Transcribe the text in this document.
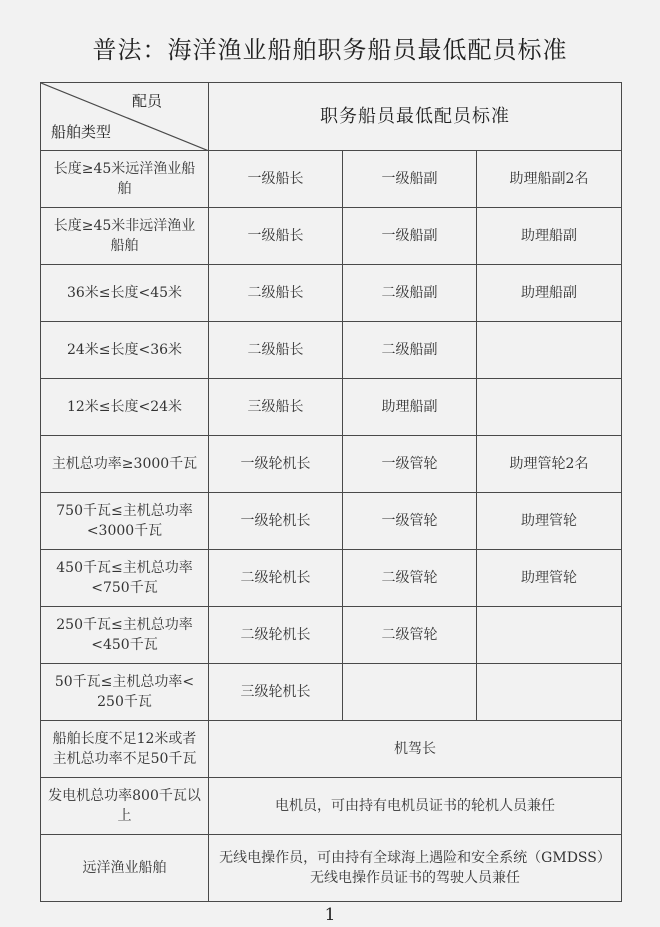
普法：海洋渔业船舶职务船员最低配员标准
配员
船舶类型	职务船员最低配员标准		
长度≥45米远洋渔业船舶	一级船长	一级船副	助理船副2名
长度≥45米非远洋渔业船舶	一级船长	一级船副	助理船副
36米≤长度<45米	二级船长	二级船副	助理船副
24米≤长度<36米	二级船长	二级船副	
12米≤长度<24米	三级船长	助理船副	
主机总功率≥3000千瓦	一级轮机长	一级管轮	助理管轮2名
750千瓦≤主机总功率<3000千瓦	一级轮机长	一级管轮	助理管轮
450千瓦≤主机总功率<750千瓦	二级轮机长	二级管轮	助理管轮
250千瓦≤主机总功率<450千瓦	二级轮机长	二级管轮	
50千瓦≤主机总功率< 250千瓦	三级轮机长		
船舶长度不足12米或者主机总功率不足50千瓦	机驾长		
发电机总功率800千瓦以上	电机员，可由持有电机员证书的轮机人员兼任		
远洋渔业船舶	无线电操作员，可由持有全球海上遇险和安全系统（GMDSS）无线电操作员证书的驾驶人员兼任		
1
